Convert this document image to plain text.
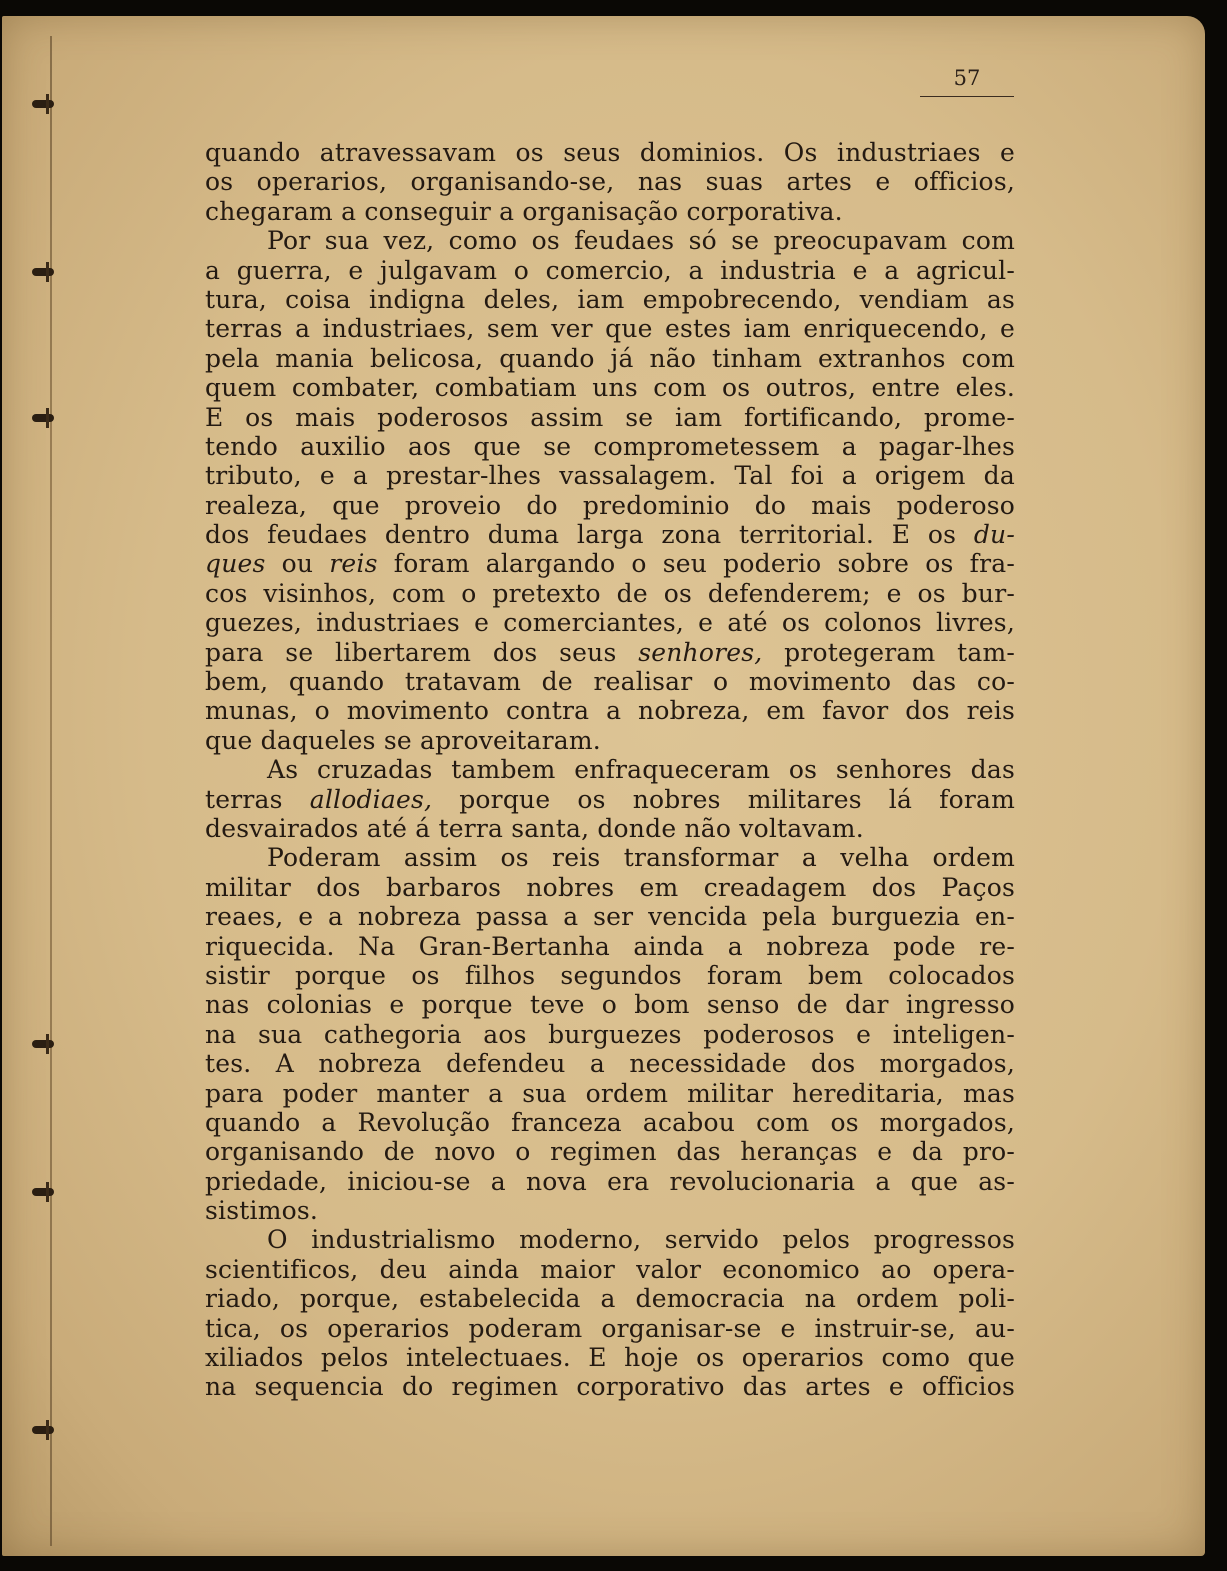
57
quando atravessavam os seus dominios. Os industriaes e
os operarios, organisando-se, nas suas artes e officios,
chegaram a conseguir a organisação corporativa.
Por sua vez, como os feudaes só se preocupavam com
a guerra, e julgavam o comercio, a industria e a agricul-
tura, coisa indigna deles, iam empobrecendo, vendiam as
terras a industriaes, sem ver que estes iam enriquecendo, e
pela mania belicosa, quando já não tinham extranhos com
quem combater, combatiam uns com os outros, entre eles.
E os mais poderosos assim se iam fortificando, prome-
tendo auxilio aos que se comprometessem a pagar-lhes
tributo, e a prestar-lhes vassalagem. Tal foi a origem da
realeza, que proveio do predominio do mais poderoso
dos feudaes dentro duma larga zona territorial. E os du-
ques ou reis foram alargando o seu poderio sobre os fra-
cos visinhos, com o pretexto de os defenderem; e os bur-
guezes, industriaes e comerciantes, e até os colonos livres,
para se libertarem dos seus senhores, protegeram tam-
bem, quando tratavam de realisar o movimento das co-
munas, o movimento contra a nobreza, em favor dos reis
que daqueles se aproveitaram.
As cruzadas tambem enfraqueceram os senhores das
terras allodiaes, porque os nobres militares lá foram
desvairados até á terra santa, donde não voltavam.
Poderam assim os reis transformar a velha ordem
militar dos barbaros nobres em creadagem dos Paços
reaes, e a nobreza passa a ser vencida pela burguezia en-
riquecida. Na Gran-Bertanha ainda a nobreza pode re-
sistir porque os filhos segundos foram bem colocados
nas colonias e porque teve o bom senso de dar ingresso
na sua cathegoria aos burguezes poderosos e inteligen-
tes. A nobreza defendeu a necessidade dos morgados,
para poder manter a sua ordem militar hereditaria, mas
quando a Revolução franceza acabou com os morgados,
organisando de novo o regimen das heranças e da pro-
priedade, iniciou-se a nova era revolucionaria a que as-
sistimos.
O industrialismo moderno, servido pelos progressos
scientificos, deu ainda maior valor economico ao opera-
riado, porque, estabelecida a democracia na ordem poli-
tica, os operarios poderam organisar-se e instruir-se, au-
xiliados pelos intelectuaes. E hoje os operarios como que
na sequencia do regimen corporativo das artes e officios
